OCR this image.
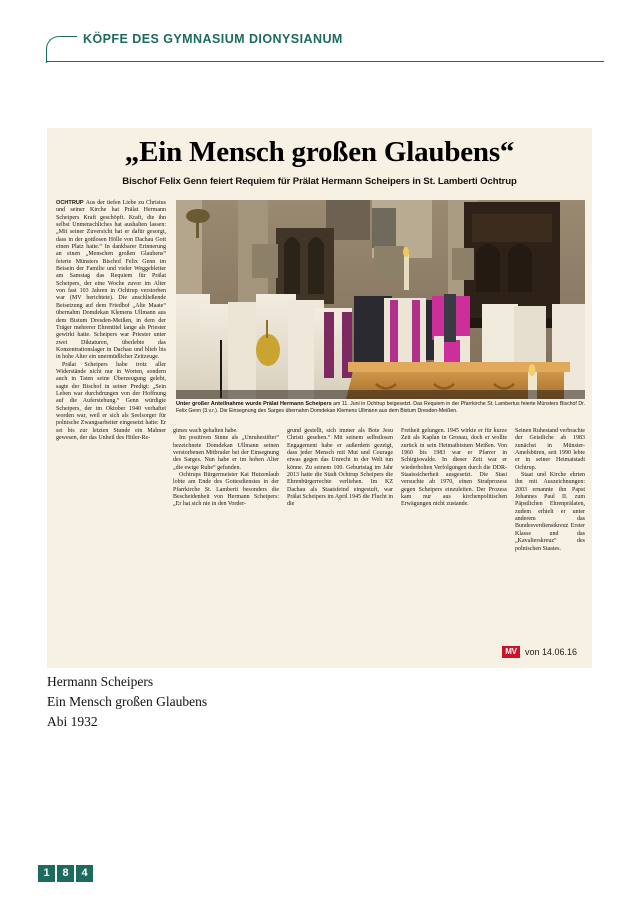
KÖPFE DES GYMNASIUM DIONYSIANUM
„Ein Mensch großen Glaubens“
Bischof Felix Genn feiert Requiem für Prälat Hermann Scheipers in St. Lamberti Ochtrup
Unter großer Anteilnahme wurde Prälat Hermann Scheipers am 11. Juni in Ochtrup beigesetzt. Das Requiem in der Pfarrkirche St. Lambertus feierte Münsters Bischof Dr. Felix Genn (3.v.r.). Die Einsegnung des Sarges übernahm Domdekan Klemens Ullmann aus dem Bistum Dresden-Meißen.

OCHTRUP Aus der tiefen Liebe zu Christus und seiner Kirche hat Prälat Hermann Scheipers Kraft geschöpft. Kraft, die ihn selbst Unmenschliches hat aushalten lassen: „Mit seiner Zuversicht hat er dafür gesorgt, dass in der gottlosen Hölle von Dachau Gott einen Platz hatte.“ In dankbarer Erinnerung an einen „Menschen großen Glaubens“ feierte Münsters Bischof Felix Genn im Beisein der Familie und vieler Weggebleiter am Samstag das Requiem für Prälat Scheipers, der eine Woche zuvor im Alter von fast 103 Jahren in Ochtrup verstorben war (MV berichtete). Die anschließende Beisetzung auf dem Friedhof „Alte Maate“ übernahm Domdekan Klemens Ullmann aus dem Bistum Dresden-Meißen, in dem der Träger mehrerer Ehrentitel lange als Priester gewirkt hatte. Scheipers war Priester unter zwei Diktaturen, überlebte das Konzentrationslager in Dachau und blieb bis in hohe Alter ein unermüdlicher Zeitzeuge.

Prälat Scheipers habe trotz aller Widerstände nicht nur in Worten, sondern auch in Taten seine Überzeugung gelebt, sagte der Bischof in seiner Predigt: „Sein Leben war durchdrungen von der Hoffnung auf die Auferstehung.“ Genn würdigte Scheipers, der im Oktober 1940 verhaftet worden war, weil er sich als Seelsorger für polnische Zwangsarbeiter eingesetzt hatte: Er sei bis zur letzten Stunde ein Mahner gewesen, der das Unheil des Hitler-Re-

gimes wach gehalten habe.

Im positiven Sinne als „Unruhestifter“ bezeichnete Domdekan Ullmann seinen verstorbenen Mitbruder bei der Einsegnung des Sarges. Nun habe er im hohen Alter „die ewige Ruhe“ gefunden.

Ochtrups Bürgermeister Kai Hutzenlaub lobte am Ende des Gottesdienstes in der Pfarrkirche St. Lamberti besonders die Bescheidenheit von Hermann Scheipers: „Er hat sich nie in den Vorder-

grund gestellt, sich immer als Bote Jesu Christi gesehen.“ Mit seinem selbstlosen Engagement habe er außerdem gezeigt, dass jeder Mensch mit Mut und Courage etwas gegen das Unrecht in der Welt tun könne. Zu seinem 100. Geburtstag im Jahr 2013 hatte die Stadt Ochtrup Scheipers die Ehrenbürgerrechte verliehen. Im KZ Dachau als Staatsfeind eingestuft, war Prälat Scheipers im April 1945 die Flucht in die

Freiheit gelungen. 1945 wirkte er für kurze Zeit als Kaplan in Gronau, doch er wollte zurück in sein Heimatbistum Meißen. Von 1960 bis 1983 war er Pfarrer in Schirgiswalde. In dieser Zeit war er wiederholten Verfolgungen durch die DDR-Staatssicherheit ausgesetzt. Die Stasi versuchte ab 1970, einen Strafprozess gegen Scheipers einzuleiten. Der Prozess kam nur aus kirchenpolitischen Erwägungen nicht zustande.

Seinen Ruhestand verbrachte der Geistliche ab 1983 zunächst in Münster-Amelsbüren, seit 1990 lebte er in seiner Heimatstadt Ochtrup.

Staat und Kirche ehrten ihn mit Auszeichnungen: 2003 ernannte ihn Papst Johannes Paul II. zum Päpstlichen Ehrenprälaten, zudem erhielt er unter anderem das Bundesverdienstkreuz Erster Klasse und das „Kavalierskreuz“ des polnischen Staates.

MV von 14.06.16
Hermann Scheipers
Ein Mensch großen Glaubens
Abi 1932
1	8	4
